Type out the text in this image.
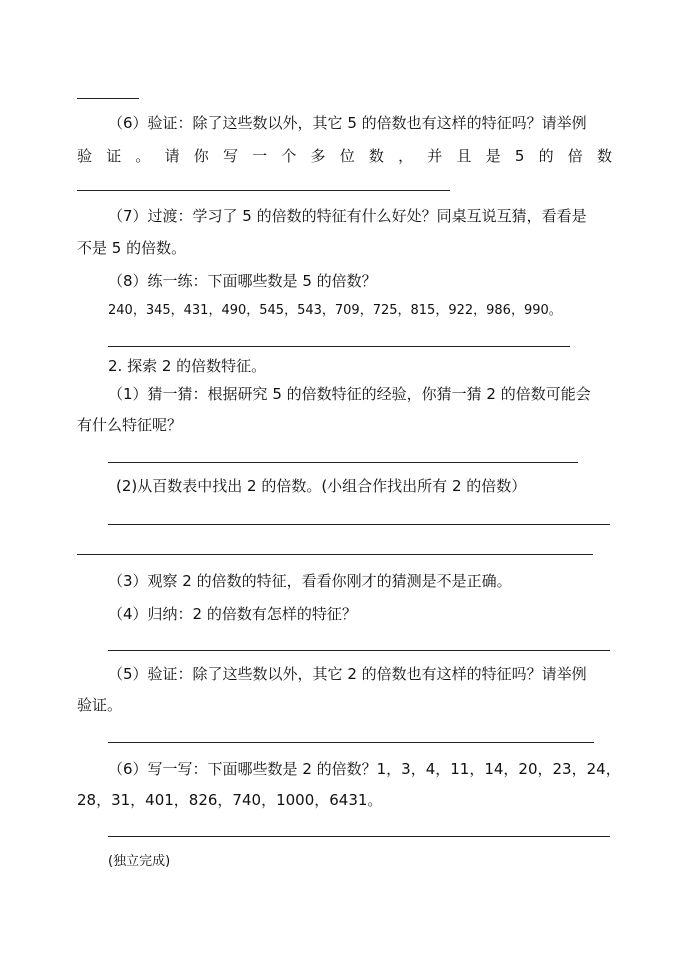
（6）验证：除了这些数以外，其它 5 的倍数也有这样的特征吗？请举例
验证。请你写一个多位数，并且是5的倍数
（7）过渡：学习了 5 的倍数的特征有什么好处？同桌互说互猜，看看是
不是 5 的倍数。
（8）练一练：下面哪些数是 5 的倍数？
240，345，431，490，545，543，709，725，815，922，986，990。
2. 探索 2 的倍数特征。
（1）猜一猜：根据研究 5 的倍数特征的经验，你猜一猜 2 的倍数可能会
有什么特征呢？
(2)从百数表中找出 2 的倍数。(小组合作找出所有 2 的倍数）
（3）观察 2 的倍数的特征，看看你刚才的猜测是不是正确。
（4）归纳：2 的倍数有怎样的特征？
（5）验证：除了这些数以外，其它 2 的倍数也有这样的特征吗？请举例
验证。
（6）写一写：下面哪些数是 2 的倍数？1，3，4，11，14，20，23，24，
28，31，401，826，740，1000，6431。
(独立完成)
